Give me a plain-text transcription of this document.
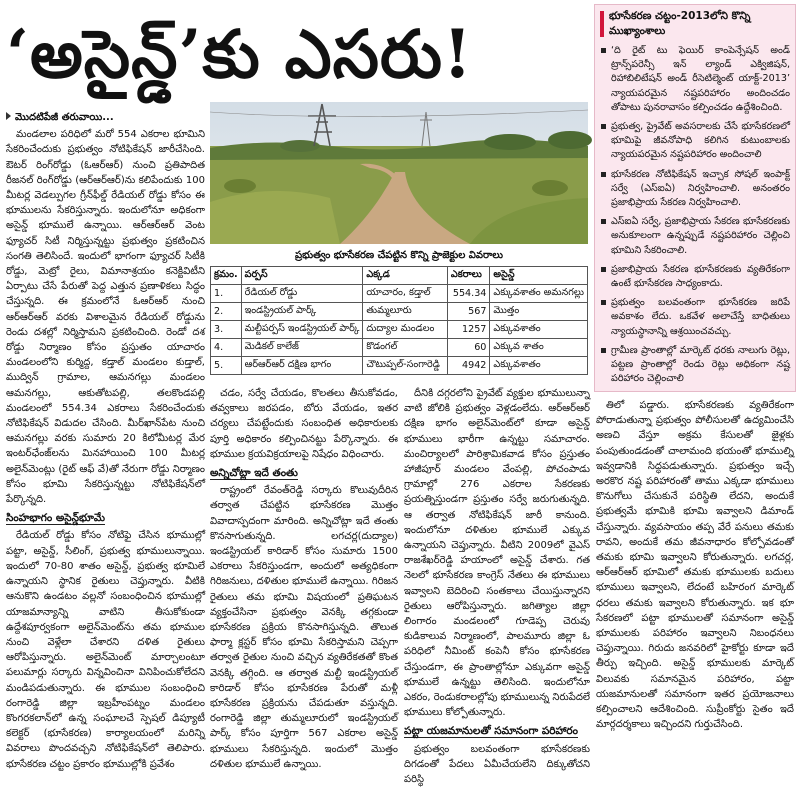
‘అసైన్డ్‌’కు ఎసరు!
మొదటిపేజీ తరువాయి...

మండలాల పరిధిలో మరో 554 ఎకరాల భూమిని సేకరించేందుకు ప్రభుత్వం నోటిఫికేషన్ జారీచేసింది. ఔటర్ రింగ్‌రోడ్డు (ఓఆర్ఆర్) నుంచి ప్రతిపాదిత రీజనల్ రింగ్‌రోడ్డు (ఆర్ఆర్ఆర్)ను కలిపేందుకు 100 మీటర్ల వెడల్పుగల గ్రీన్‌ఫీల్డ్ రేడియల్ రోడ్డు కోసం ఈ భూములను సేకరిస్తున్నారు. ఇందులోనూ అధికంగా అసైన్డ్ భూములే ఉన్నాయి. ఆర్ఆర్ఆర్ వెంట ఫ్యూచర్ సిటీ నిర్మిస్తున్నట్టు ప్రభుత్వం ప్రకటించిన సంగతి తెలిసిందే. ఇందులో భాగంగా ఫ్యూచర్ సిటీకి రోడ్డు, మెట్రో రైలు, విమానాశ్రయం కనెక్టివిటీని ఏర్పాటు చేసే పేరుతో పెద్ద ఎత్తున ప్రణాళికలు సిద్ధం చేస్తున్నది. ఈ క్రమంలోనే ఓఆర్ఆర్ నుంచి ఆర్ఆర్ఆర్ వరకు విశాలమైన రేడియల్ రోడ్డును రెండు దశల్లో నిర్మిస్తామని ప్రకటించింది. రెండో దశ రోడ్డు నిర్మాణం కోసం ప్రస్తుతం యాచారం మండలంలోని కుర్మిద్ద, కడ్తాల్ మండలం కుడ్తాల్, ముద్విన్ గ్రామాల, ఆమనగల్లు మండలం ఆమనగల్లు, ఆకుతోటపల్లి, తలకొండపల్లి మండలంలో 554.34 ఎకరాలు సేకరించేందుకు నోటిఫికేషన్ విడుదల చేసింది. మీర్‌ఖాన్‌పేట నుంచి ఆమనగల్లు వరకు సుమారు 20 కిలోమీటర్ల మేర ఇంటర్‌ఛేంజ్‌లను మినహాయించి 100 మీటర్ల అలైన్‌మెంట్లు (రైట్ ఆఫ్ వే)తో నేరుగా రోడ్డు నిర్మాణం కోసం భూమి సేకరిస్తున్నట్టు నోటిఫికేషన్‌లో పేర్కొన్నది.

సింహభాగం అసైన్డ్‌భూమే

రేడియల్ రోడ్డు కోసం నోటిఫై చేసిన భూముల్లో పట్టా, అసైన్డ్, సీలింగ్, ప్రభుత్వ భూములున్నాయి. ఇందులో 70-80 శాతం అసైన్డ్, ప్రభుత్వ భూమిలే ఉన్నాయని స్థానిక రైతులు చెప్తున్నారు. వీటికి ఆనుకొని ఉండటం వల్లనో సంబంధించిన భూముల్లో యాజమాన్యాన్ని వాటిని తీసుకోకుండా ఉద్దేశపూర్వకంగా అలైన్‌మెంట్‌ను తమ భూముల నుంచి వెళ్లేలా చేశారని దళిత రైతులు ఆరోపిస్తున్నారు. అలైన్‌మెంట్ మార్చాలంటూ పలుమార్లు సర్కారు విన్నవించినా వినిపించుకోలేదని మండిపడుతున్నారు. ఈ భూముల సంబంధించి రంగారెడ్డి జిల్లా ఇబ్రహీంపట్నం మండలం కొంగరకలాన్‌లో ఉన్న సంఘాలచే స్పెషల్ డిప్యూటీ కలెక్టర్ (భూసేకరణ) కార్యాలయంలో మరిన్ని వివరాలు పొందవచ్చని నోటిఫికేషన్‌లో తెలిపారు. భూసేకరణ చట్టం ప్రకారం భూముల్లోకి ప్రవేశం

ప్రభుత్వం భూసేకరణ చేపట్టిన కొన్ని ప్రాజెక్టుల వివరాలు
క్రమం.	పర్పస్	ఎక్కడ	ఎకరాలు	అసైన్డ్
1.	రేడియల్ రోడ్డు	యాచారం, కడ్తాల్	554.34	ఎక్కువశాతం అమనగల్లు
2.	ఇండస్ట్రియల్ పార్క్	తుమ్మలూరు	567	మొత్తం
3.	మల్టీపర్పస్ ఇండస్ట్రియల్ పార్క్	దుద్యాల మండలం	1257	ఎక్కువశాతం
4.	మెడికల్ కాలేజ్	కొడంగల్	60	ఎక్కువ శాతం
5.	ఆర్ఆర్ఆర్ దక్షిణ భాగం	చౌటుప్పల్-సంగారెడ్డి	4942	ఎక్కువశాతం

చడం, సర్వే చేయడం, కొలతలు తీసుకోవడం, తవ్వకాలు జరపడం, బోరు వేయడం, ఇతర చర్యలు చేపట్టేందుకు సంబంధిత అధికారులకు పూర్తి అధికారం కల్పించినట్టు పేర్కొన్నారు. ఈ భూముల క్రయవిక్రయాలపై నిషేధం విధించారు.

అన్నిచోట్లా ఇదే తంతు

రాష్ట్రంలో రేవంత్‌రెడ్డి సర్కారు కొలువుదీరిన తర్వాత చేపట్టిన భూసేకరణ మొత్తం వివాదాస్పదంగా మారింది. అన్నిచోట్లా ఇదే తంతు కొనసాగుతున్నది. లగచర్ల(దుద్యాల) ఇండస్ట్రియల్ కారిడార్ కోసం సుమారు 1500 ఎకరాలు సేకరిస్తుండగా, అందులో అత్యధికంగా గిరిజనులు, దళితుల భూములే ఉన్నాయి. గిరిజన రైతులు తమ భూమి విషయంలో ప్రతిఘటన వ్యక్తంచేసినా ప్రభుత్వం వెనక్కి తగ్గకుండా భూసేకరణ ప్రక్రియ కొనసాగిస్తున్నది. తొలుత ఫార్మా క్లస్టర్ కోసం భూమి సేకరిస్తామని చెప్పగా తర్వాత రైతుల నుంచి వచ్చిన వ్యతిరేకతతో కొంత వెనక్కి తగ్గింది. ఆ తర్వాత మల్టీ ఇండస్ట్రియల్ కారిడార్ కోసం భూసేకరణ పేరుతో మళ్లీ భూసేకరణ ప్రక్రియను చేపడుతూ వస్తున్నది. రంగారెడ్డి జిల్లా తుమ్మలూరులో ఇండస్ట్రియల్ పార్క్ కోసం పూర్తిగా 567 ఎకరాల అసైన్డ్ భూములు సేకరిస్తున్నది. ఇందులో మొత్తం దళితుల భూములే ఉన్నాయి.

దీనికి దగ్గరలోని ప్రైవేట్ వ్యక్తుల భూములున్నా వాటి జోలికి ప్రభుత్వం వెళ్లడంలేదు. ఆర్ఆర్ఆర్ దక్షిణ భాగం అలైన్‌మెంట్‌లో కూడా అసైన్డ్ భూములు భారీగా ఉన్నట్టు సమాచారం. మంచిర్యాలలో పారిశ్రామికవాడ కోసం ప్రస్తుతం హాజీపూర్ మండలం వేంపల్లి, పోచంపాడు గ్రామాల్లో 276 ఎకరాల సేకరణకు ప్రయత్నిస్తుండగా ప్రస్తుతం సర్వే జరుగుతున్నది. ఆ తర్వాత నోటిఫికేషన్ జారీ కానుంది. ఇందులోనూ దళితుల భూములే ఎక్కువ ఉన్నాయని చెప్తున్నారు. వీటిని 2009లో వైఎస్ రాజశేఖర్‌రెడ్డి హయాంలో అసైన్డ్ చేశారు. గత నెలలో భూసేకరణ కాంగ్రెస్ నేతలు ఈ భూములు ఇవ్వాలని బెదిరించి సంతకాలు చేయిస్తున్నారని రైతులు ఆరోపిస్తున్నారు. జగిత్యాల జిల్లా లింగారం మండలంలో గూడెప్ప చెరువు కుడికాలువ నిర్మాణంలో, పాలమూరు జిల్లా ఓ పరిధిలో నీమింట్ కంపెనీ కోసం భూసేకరణ చేస్తుండగా, ఈ ప్రాంతాల్లోనూ ఎక్కువగా అసైన్డ్ భూములే ఉన్నట్టు తెలిసింది. ఇందులోనూ ఎకరం, రెండుకరాలల్లోపు భూములున్న నిరుపేదలే భూములు కోల్పోతున్నారు.

పట్టా యజమానులతో సమానంగా పరిహారం

ప్రభుత్వం బలవంతంగా భూసేకరణకు దిగడంతో పేదలు ఏమీచేయలేని దిక్కుతోచని పరిస్థి

భూసేకరణ చట్టం-2013లోని కొన్ని ముఖ్యాంశాలు
‘ది రైట్ టు ఫెయిర్ కాంపెన్సేషన్ అండ్ ట్రాన్స్‌పరెన్సీ ఇన్ ల్యాండ్ ఎక్విజిషన్, రిహాబిలిటేషన్ అండ్ రీసెటిల్మెంట్ యాక్ట్-2013’ న్యాయపరమైన నష్టపరిహారం అందించడం తోపాటు పునరావాసం కల్పించడం ఉద్దేశించింది.
ప్రభుత్వ, ప్రైవేట్ అవసరాలకు చేసే భూసేకరణలో భూమిపై జీవనోపాధి కలిగిన కుటుంబాలకు న్యాయపరమైన నష్టపరిహారం అందించాలి
భూసేకరణ నోటిఫికేషన్ ఇచ్చాక సోషల్ ఇంపాక్ట్ సర్వే (ఎస్ఐఏ) నిర్వహించాలి. అనంతరం ప్రజాభిప్రాయ సేకరణ నిర్వహించాలి.
ఎస్ఐఏ సర్వే, ప్రజాభిప్రాయ సేకరణ భూసేకరణకు అనుకూలంగా ఉన్నప్పుడే నష్టపరిహారం చెల్లించి భూమిని సేకరించాలి.
ప్రజాభిప్రాయ సేకరణ భూసేకరణకు వ్యతిరేకంగా ఉంటే భూసేకరణ సాధ్యంకాదు.
ప్రభుత్వం బలవంతంగా భూసేకరణ జరిపే అవకాశం లేదు. ఒకవేళ అలాచేస్తే బాధితులు న్యాయస్థానాన్ని ఆశ్రయించవచ్చు.
గ్రామీణ ప్రాంతాల్లో మార్కెట్ ధరకు నాలుగు రెట్లు, పట్టణ ప్రాంతాల్లో రెండు రెట్లు అధికంగా నష్ట పరిహారం చెల్లించాలి

తిలో పడ్డారు. భూసేకరణకు వ్యతిరేకంగా పోరాడుతున్నా ప్రభుత్వం పోలీసులతో ఉద్యమించేసి అణచి వేస్తూ అక్రమ కేసులతో జైళ్లకు పంపుతుండడంతో చాలామంది భయంతో భూముల్ని ఇవ్వడానికి సిద్ధపడుతున్నారు. ప్రభుత్వం ఇచ్చే అరకొర నష్ట పరిహారంతో తాము ఎక్కడా భూములు కొనుగోలు చేసుకునే పరిస్థితి లేదని, అందుకే ప్రభుత్వమే భూమికి భూమి ఇవ్వాలని డిమాండ్ చేస్తున్నారు. వ్యవసాయం తప్ప వేరే పనులు తమకు రావని, అందుకే తమ జీవనాధారం కోల్పోవడంతో తమకు భూమి ఇవ్వాలని కోరుతున్నారు. లగచర్ల, ఆర్ఆర్ఆర్ భూమిలో తమకు భూములకు బదులు భూములు ఇవ్వాలని, లేదంటే బహిరంగ మార్కెట్ ధరలు తమకు ఇవ్వాలని కోరుతున్నారు. ఇక భూ సేకరణలో పట్టా భూములతో సమానంగా అసైన్డ్ భూములకు పరిహారం ఇవ్వాలని నిబంధనలు చెప్తున్నాయి. గిరుదు జనవరిలో హైకోర్టు కూడా ఇదే తీర్పు ఇచ్చింది. అసైన్డ్ భూములకు మార్కెట్ విలువకు సమానమైన పరిహారం, పట్టా యజమానులతో సమానంగా ఇతర ప్రయోజనాలు కల్పించాలని ఆదేశించింది. సుప్రీంకోర్టు సైతం ఇదే మార్గదర్శకాలు ఇచ్చిందని గుర్తుచేసింది.
